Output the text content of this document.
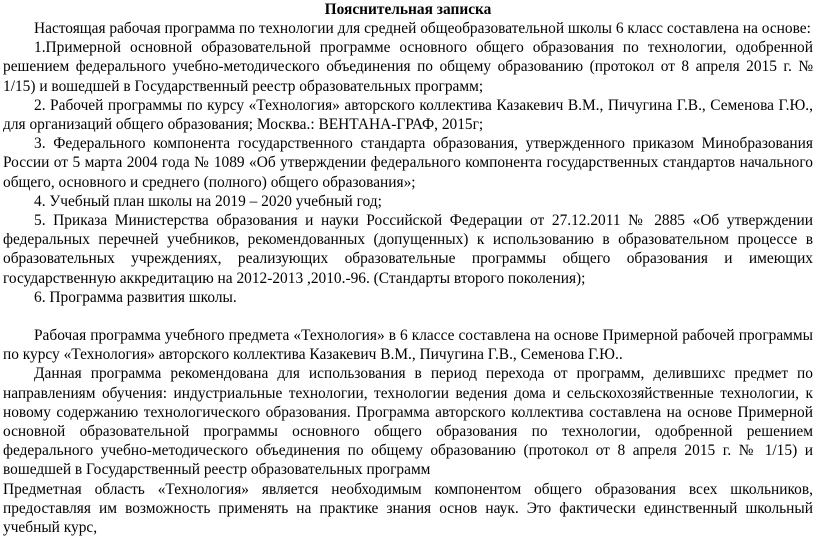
Пояснительная записка

Настоящая рабочая программа по технологии для средней общеобразовательной школы 6 класс составлена на основе:

1.Примерной основной образовательной программе основного общего образования по технологии, одобренной решением федерального учебно-методического объединения по общему образованию (протокол от 8 апреля 2015 г. № 1/15) и вошедшей в Государственный реестр образовательных программ;

2. Рабочей программы по курсу «Технология» авторского коллектива Казакевич В.М., Пичугина Г.В., Семенова Г.Ю., для организаций общего образования; Москва.: ВЕНТАНА-ГРАФ, 2015г;

3. Федерального компонента государственного стандарта образования, утвержденного приказом Минобразования России от 5 марта 2004 года № 1089 «Об утверждении федерального компонента государственных стандартов начального общего, основного и среднего (полного) общего образования»;

4. Учебный план школы на 2019 – 2020 учебный год;

5. Приказа Министерства образования и науки Российской Федерации от 27.12.2011 № 2885 «Об утверждении федеральных перечней учебников, рекомендованных (допущенных) к использованию в образовательном процессе в образовательных учреждениях, реализующих образовательные программы общего образования и имеющих государственную аккредитацию на 2012-2013 ,2010.-96. (Стандарты второго поколения);

6. Программа развития школы.

Рабочая программа учебного предмета «Технология» в 6 классе составлена на основе Примерной рабочей программы по курсу «Технология» авторского коллектива Казакевич В.М., Пичугина Г.В., Семенова Г.Ю..

Данная программа рекомендована для использования в период перехода от программ, делившихс предмет по направлениям обучения: индустриальные технологии, технологии ведения дома и сельскохозяйственные технологии, к новому содержанию технологического образования. Программа авторского коллектива составлена на основе Примерной основной образовательной программы основного общего образования по технологии, одобренной решением федерального учебно-методического объединения по общему образованию (протокол от 8 апреля 2015 г. № 1/15) и вошедшей в Государственный реестр образовательных программ

Предметная область «Технология» является необходимым компонентом общего образования всех школьников, предоставляя им возможность применять на практике знания основ наук. Это фактически единственный школьный учебный курс,
